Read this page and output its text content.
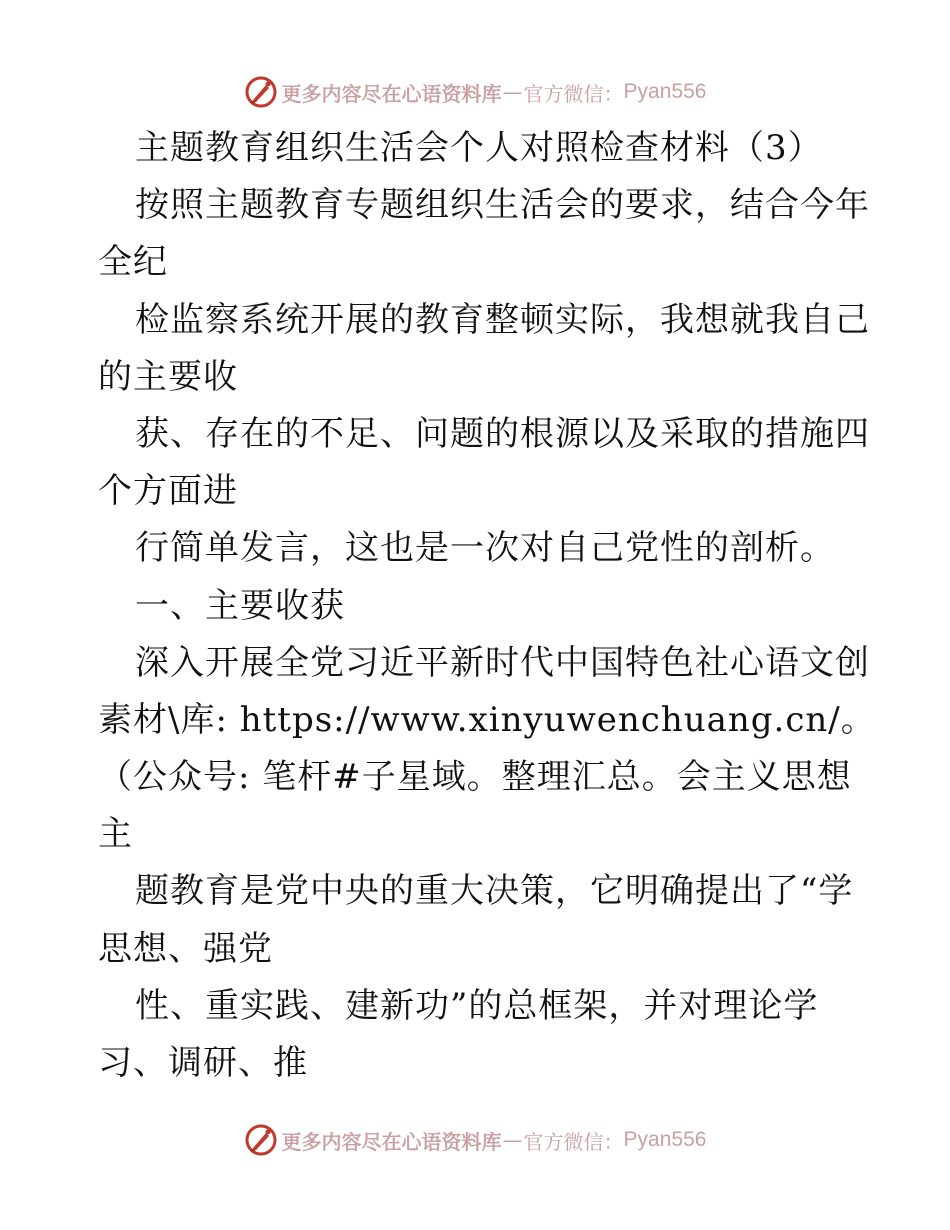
更多内容尽在心语资料库 — 官方微信： Pyan556
主题教育组织生活会个人对照检查材料（3）
按照主题教育专题组织生活会的要求，结合今年
全纪
检监察系统开展的教育整顿实际，我想就我自己
的主要收
获、存在的不足、问题的根源以及采取的措施四
个方面进
行简单发言，这也是一次对自己党性的剖析。
一、主要收获
深入开展全党习近平新时代中国特色社心语文创
素材\库: https://www.xinyuwenchuang.cn/。
（公众号: 笔杆#子星域。整理汇总。会主义思想
主
题教育是党中央的重大决策，它明确提出了“学
思想、强党
性、重实践、建新功”的总框架，并对理论学
习、调研、推
更多内容尽在心语资料库 — 官方微信： Pyan556
